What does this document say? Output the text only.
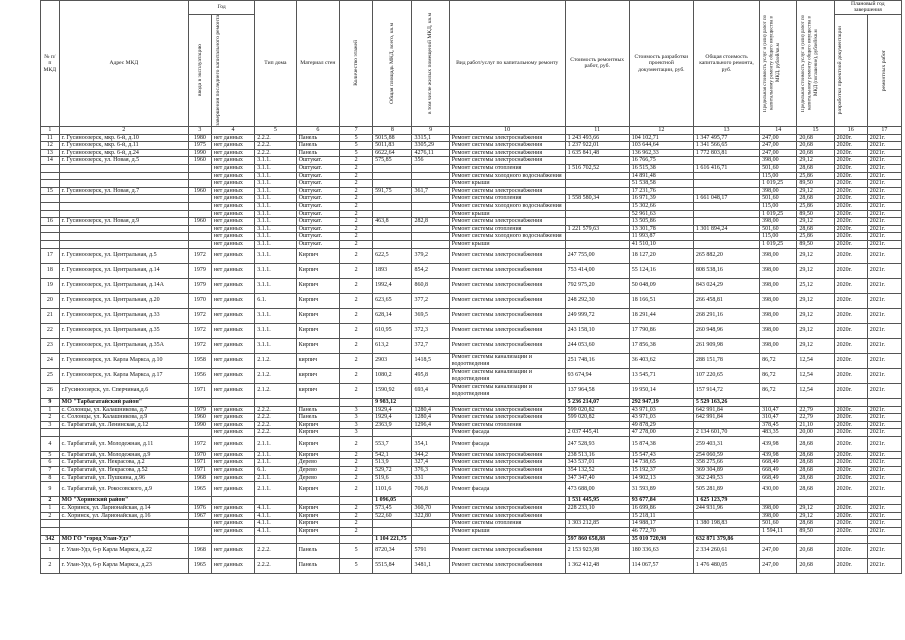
№ п/п МКД	Адрес МКД	Год		Тип дома	Материал стен	Количество этажей	Общая площадь МКД, всего, кв.м	в том числе жилых помещений МКД, кв.м	Вид работ/услуг по капитальному ремонту	Стоимость ремонтных работ, руб.	Стоимость разработки проектной документации, руб.	Общая стоимость капитального ремонта, руб.	Предельная стоимость услуг и (или) работ по капитальному ремонту общего имущества в МКД, рублей/кв.м	Предельная стоимость услуг и (или) работ по капитальному ремонту общего имущества в МКД (погашение), рублей/кв.м	Плановый год завершения	

		ввода в эксплуатацию	завершения последнего капитального ремонта												разработки проектной документации	ремонтных работ

1	2	3	4	5	6	7	8	9	10	11	12	13	14	15	16	17
11	г. Гусиноозерск, мкр. 6-й, д.10	1980	нет данных	2.2.2.	Панель	5	5015,88	3315,1	Ремонт системы электроснабжения	1 243 493,66	104 102,71	1 347 495,77	247,00	20,68	2020г.	2021г.
12	г. Гусиноозерск, мкр. 6-й, д.11	1975	нет данных	2.2.2.	Панель	5	5011,83	3305,29	Ремонт системы электроснабжения	1 237 922,01	103 644,64	1 341 566,65	247,00	20,68	2020г.	2021г.
13	г. Гусиноозерск, мкр. 6-й, д.24	1990	нет данных	2.2.2.	Панель	5	6622,64	4276,11	Ремонт системы электроснабжения	1 635 841,48	136 962,33	1 772 803,81	247,00	20,68	2020г.	2021г.
14	г. Гусиноозерск, ул. Новая, д.5	1960	нет данных	3.1.1.	Оштукат.	2	575,85	356	Ремонт системы электроснабжения		16 766,75		398,00	29,12	2020г.	2021г.
			нет данных	3.1.1.	Оштукат.	2			Ремонт системы отопления	1 516 702,52	16 515,38	1 616 416,71	501,60	28,68	2020г.	2021г.
			нет данных	3.1.1.	Оштукат.	2			Ремонт системы холодного водоснабжения		14 891,48		115,00	25,86	2020г.	2021г.
			нет данных	3.1.1.	Оштукат.	2			Ремонт крыши		51 538,58		1 019,25	89,50	2020г.	2021г.
15	г. Гусиноозерск, ул. Новая, д.7	1960	нет данных	3.1.1.	Оштукат.	2	591,75	361,7	Ремонт системы электроснабжения		17 231,76		398,00	29,12	2020г.	2021г.
			нет данных	3.1.1.	Оштукат.	2			Ремонт системы отопления	1 558 580,34	16 971,39	1 661 048,17	501,60	28,68	2020г.	2021г.
			нет данных	3.1.1.	Оштукат.	2			Ремонт системы холодного водоснабжения		15 302,66		115,00	25,86	2020г.	2021г.
			нет данных	3.1.1.	Оштукат.	2			Ремонт крыши		52 961,63		1 019,25	89,50	2020г.	2021г.
16	г. Гусиноозерск, ул. Новая, д.9	1960	нет данных	3.1.1.	Оштукат.	2	463,8	282,8	Ремонт системы электроснабжения		13 505,86		398,00	29,12	2020г.	2021г.
			нет данных	3.1.1.	Оштукат.	2			Ремонт системы отопления	1 221 579,63	13 301,78	1 301 894,24	501,60	28,68	2020г.	2021г.
			нет данных	3.1.1.	Оштукат.	2			Ремонт системы холодного водоснабжения		11 993,87		115,00	25,86	2020г.	2021г.
			нет данных	3.1.1.	Оштукат.	2			Ремонт крыши		41 510,10		1 019,25	89,50	2020г.	2021г.
17	г. Гусиноозерск, ул. Центральная, д.5	1972	нет данных	3.1.1.	Кирпич	2	622,5	379,2	Ремонт системы электроснабжения	247 755,00	18 127,20	265 882,20	398,00	29,12	2020г.	2021г.
18	г. Гусиноозерск, ул. Центральная, д.14	1979	нет данных	3.1.1.	Кирпич	2	1893	854,2	Ремонт системы электроснабжения	753 414,00	55 124,16	808 538,16	398,00	29,12	2020г.	2021г.
19	г. Гусиноозерск, ул. Центральная, д.14А	1979	нет данных	3.1.1.	Кирпич	2	1992,4	860,8	Ремонт системы электроснабжения	792 975,20	50 048,09	843 024,29	398,00	25,12	2020г.	2021г.
20	г. Гусиноозерск, ул. Центральная, д.20	1970	нет данных	6.1.	Кирпич	2	623,65	377,2	Ремонт системы электроснабжения	248 292,30	18 166,51	266 458,81	398,00	29,12	2020г.	2021г.
21	г. Гусиноозерск, ул. Центральная, д.33	1972	нет данных	3.1.1.	Кирпич	2	628,14	369,5	Ремонт системы электроснабжения	249 999,72	18 291,44	268 291,16	398,00	29,12	2020г.	2021г.
22	г. Гусиноозерск, ул. Центральная, д.35	1972	нет данных	3.1.1.	Кирпич	2	610,95	372,3	Ремонт системы электроснабжения	243 158,10	17 790,86	260 948,96	398,00	29,12	2020г.	2021г.
23	г. Гусиноозерск, ул. Центральная, д.35А	1972	нет данных	3.1.1.	Кирпич	2	613,2	372,7	Ремонт системы электроснабжения	244 053,60	17 856,38	261 909,98	398,00	29,12	2020г.	2021г.
24	г. Гусиноозерск, ул. Карла Маркса, д.10	1958	нет данных	2.1.2.	кирпич	2	2903	1418,5	Ремонт системы канализации и водоотведения	251 748,16	36 403,62	288 151,78	86,72	12,54	2020г.	2021г.
25	г. Гусиноозерск, ул. Карла Маркса, д.17	1956	нет данных	2.1.2.	кирпич	2	1080,2	495,8	Ремонт системы канализации и водоотведения	93 674,94	13 545,71	107 220,65	86,72	12,54	2020г.	2021г.
26	г.Гусиноозерск, ул. Сперчиная,д.6	1971	нет данных	2.1.2.	кирпич	2	1590,92	693,4	Ремонт системы канализации и водоотведения	137 964,58	19 950,14	157 914,72	86,72	12,54	2020г.	2021г.
9	МО "Тарбагатайский район"						9 983,12			5 236 214,07	292 947,19	5 529 163,26				
1	с. Солонцы, ул. Калашникова, д.7	1979	нет данных	2.2.2.	Панель	3	1929,4	1280,4	Ремонт системы электроснабжения	599 020,82	43 971,03	642 991,84	310,47	22,79	2020г.	2021г.
2	с. Солонцы, ул. Калашникова, д.9	1960	нет данных	2.2.2.	Панель	3	1929,4	1280,4	Ремонт системы электроснабжения	599 020,82	43 971,03	642 991,84	310,47	22,79	2020г.	2021г.
3	с. Тарбагатай, ул. Ленинская, д.12	1990	нет данных	2.2.2.	Кирпич	3	2363,9	1296,4	Ремонт системы отопления		49 878,29		378,45	21,10	2020г.	2021г.
			нет данных	2.2.2.	Кирпич	3			Ремонт фасада	2 037 445,41	47 278,00	2 134 601,70	483,35	20,00	2020г.	2021г.
4	с. Тарбагатай, ул. Молодежная, д.11	1972	нет данных	2.1.1.	Кирпич	2	553,7	354,1	Ремонт фасада	247 528,93	15 874,38	259 403,31	439,98	28,68	2020г.	2021г.
5	с. Тарбагатай, ул. Молодежная, д.9	1970	нет данных	2.1.1.	Кирпич	2	542,1	344,2	Ремонт системы электроснабжения	238 513,16	15 547,43	254 060,59	439,98	28,68	2020г.	2021г.
6	с. Тарбагатай, ул. Некрасова, д.2	1971	нет данных	2.1.1.	Дерево	2	513,9	327,4	Ремонт системы электроснабжения	343 537,01	14 738,65	358 275,66	668,49	28,68	2020г.	2021г.
7	с. Тарбагатай, ул. Некрасова, д.52	1971	нет данных	6.1.	Дерево	2	529,72	376,3	Ремонт системы электроснабжения	354 132,52	15 192,37	369 304,89	668,49	28,68	2020г.	2021г.
8	с. Тарбагатай, ул. Пушкина, д.96	1968	нет данных	2.1.1.	Дерево	2	519,6	331	Ремонт системы электроснабжения	347 347,40	14 902,13	362 249,53	668,49	28,68	2020г.	2021г.
9	с. Тарбагатай, ул. Рокосовского, д.9	1965	нет данных	2.1.1.	Кирпич	2	1101,6	706,8	Ремонт фасада	473 688,00	31 593,89	505 281,89	430,00	28,68	2020г.	2021г.
2	МО "Хоринский район"						1 096,05			1 531 445,95	93 677,84	1 625 123,79				
1	с. Хоринск, ул. Ларионайская, д.14	1976	нет данных	4.1.1.	Кирпич	2	573,45	360,70	Ремонт системы электроснабжения	228 233,10	16 699,86	244 931,96	398,00	29,12	2020г.	2021г.
2	с. Хоринск, ул. Ларионайская, д.16	1967	нет данных	4.1.1.	Кирпич	2	522,60	322,80	Ремонт системы электроснабжения		15 218,11		398,00	29,12	2020г.	2021г.
			нет данных	4.1.1.	Кирпич	2			Ремонт системы отопления	1 303 212,85	14 988,17	1 380 198,83	501,60	28,68	2020г.	2021г.
			нет данных	4.1.1.	Кирпич	2			Ремонт крыши		46 772,70		1 594,11	89,50	2020г.	2021г.
342	МО ГО "город Улан-Удэ"						1 104 221,75			597 860 658,88	35 010 720,98	632 871 379,86				
1	г. Улан-Удэ, 6-р Карла Маркса, д.22	1968	нет данных	2.2.2.	Панель	5	8720,34	5791	Ремонт системы электроснабжения	2 153 923,98	180 336,63	2 334 260,61	247,00	20,68	2020г.	2021г.
2	г. Улан-Удэ, 6-р Карла Маркса, д.23	1965	нет данных	2.2.2.	Панель	5	5515,84	3481,1	Ремонт системы электроснабжения	1 362 412,48	114 067,57	1 476 480,05	247,00	20,68	2020г.	2021г.
